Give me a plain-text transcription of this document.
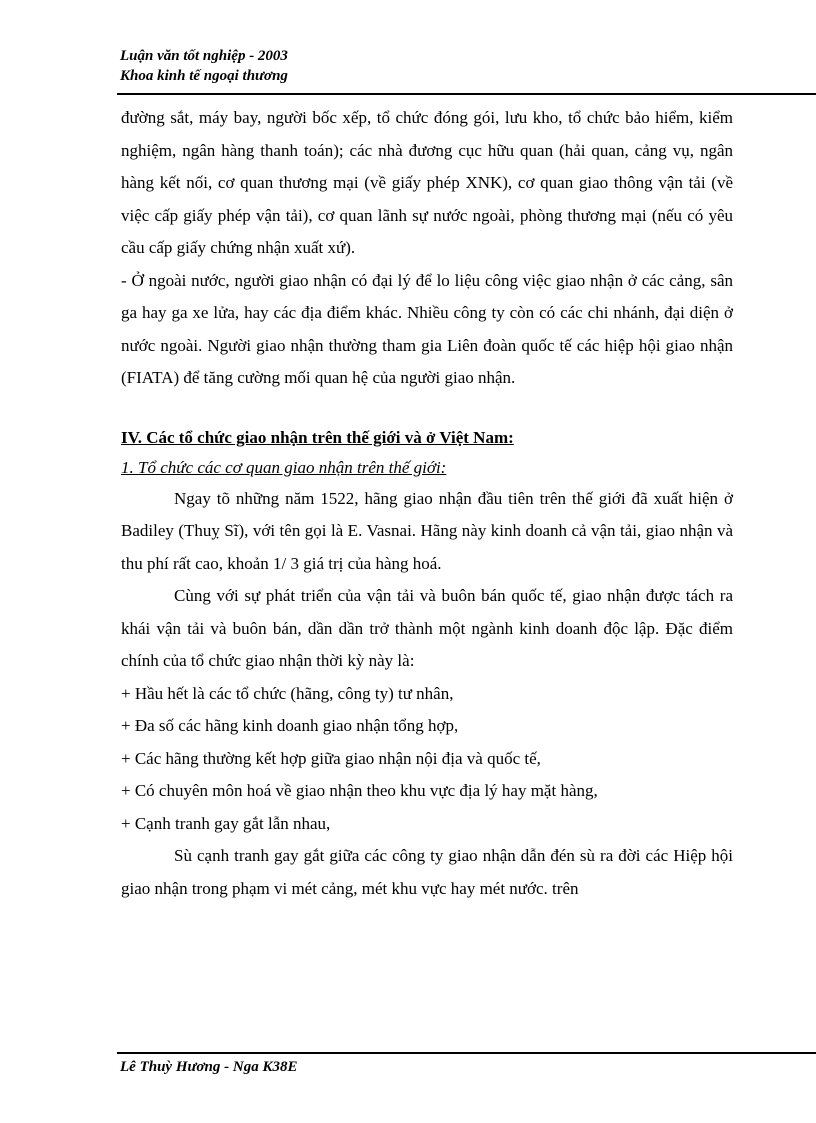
Luận văn tốt nghiệp - 2003
Khoa kinh tế ngoại thương

đường sắt, máy bay, người bốc xếp, tổ chức đóng gói, lưu kho, tổ chức bảo hiểm, kiểm nghiệm, ngân hàng thanh toán); các nhà đương cục hữu quan (hải quan, cảng vụ, ngân hàng kết nối, cơ quan thương mại (về giấy phép XNK), cơ quan giao thông vận tải (về việc cấp giấy phép vận tải), cơ quan lãnh sự nước ngoài, phòng thương mại (nếu có yêu cầu cấp giấy chứng nhận xuất xứ).

- Ở ngoài nước, người giao nhận có đại lý để lo liệu công việc giao nhận ở các cảng, sân ga hay ga xe lửa, hay các địa điểm khác. Nhiều công ty còn có các chi nhánh, đại diện ở nước ngoài. Người giao nhận thường tham gia Liên đoàn quốc tế các hiệp hội giao nhận (FIATA) để tăng cường mối quan hệ của người giao nhận.

IV. Các tổ chức giao nhận trên thế giới và ở Việt Nam:

1. Tổ chức các cơ quan giao nhận trên thế giới:

Ngay tõ những năm 1522, hãng giao nhận đầu tiên trên thế giới đã xuất hiện ở Badiley (Thuỵ Sĩ), với tên gọi là E. Vasnai. Hãng này kinh doanh cả vận tải, giao nhận và thu phí rất cao, khoản 1/ 3 giá trị của hàng hoá.

Cùng với sự phát triển của vận tải và buôn bán quốc tế, giao nhận được tách ra khái vận tải và buôn bán, dần dần trở thành một ngành kinh doanh độc lập. Đặc điểm chính của tổ chức giao nhận thời kỳ này là:

+ Hầu hết là các tổ chức (hãng, công ty) tư nhân,

+ Đa số các hãng kinh doanh giao nhận tổng hợp,

+ Các hãng thường kết hợp giữa giao nhận nội địa và quốc tế,

+ Có chuyên môn hoá về giao nhận theo khu vực địa lý hay mặt hàng,

+ Cạnh tranh gay gắt lẫn nhau,

Sù cạnh tranh gay gắt giữa các công ty giao nhận dẫn đén sù ra đời các Hiệp hội giao nhận trong phạm vi mét cảng, mét khu vực hay mét nước. trên

Lê Thuỳ Hương - Nga K38E
